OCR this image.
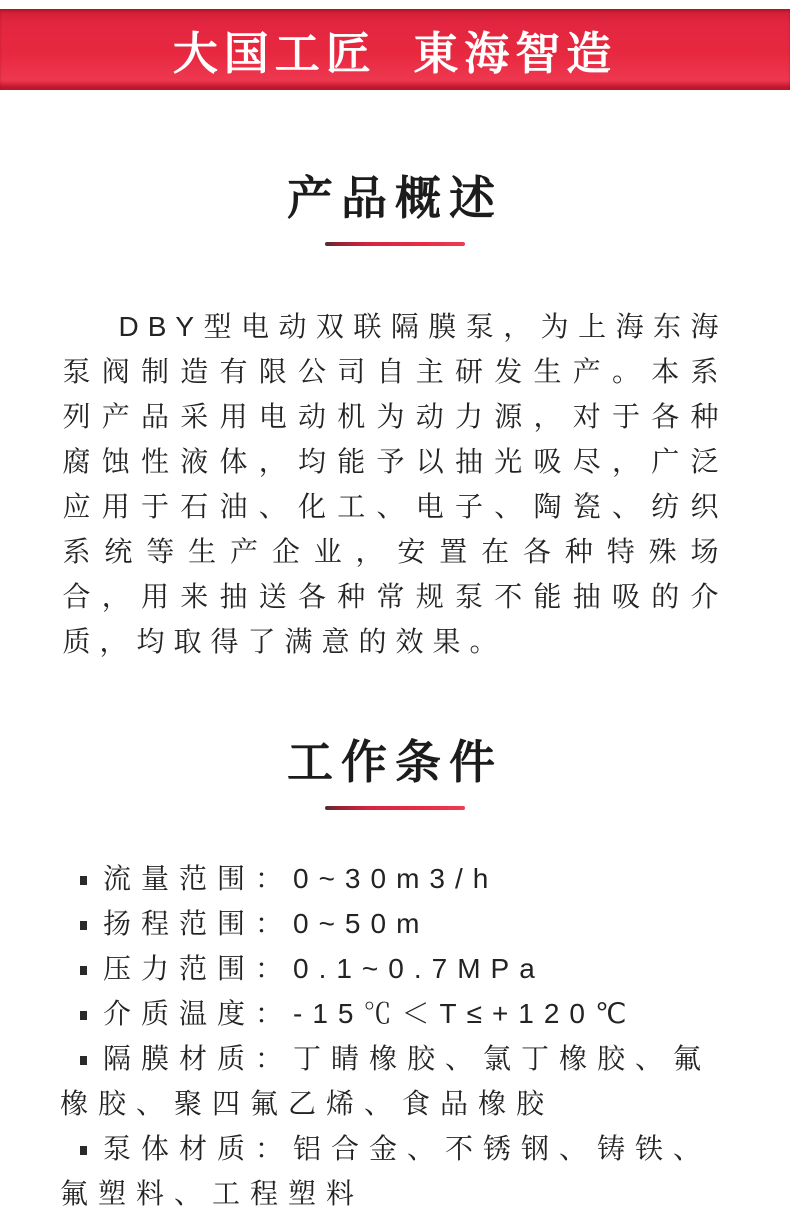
大国工匠 東海智造
产品概述

DBY型电动双联隔膜泵，为上海东海泵阀制造有限公司自主研发生产。本系列产品采用电动机为动力源，对于各种腐蚀性液体，均能予以抽光吸尽，广泛应用于石油、化工、电子、陶瓷、纺织系统等生产企业，安置在各种特殊场合，用来抽送各种常规泵不能抽吸的介质，均取得了满意的效果。

工作条件
流量范围：0~30m3/h
扬程范围：0~50m
压力范围：0.1~0.7MPa
介质温度：-15℃＜T≤+120℃
隔膜材质：丁睛橡胶、氯丁橡胶、氟橡胶、聚四氟乙烯、食品橡胶
泵体材质：铝合金、不锈钢、铸铁、氟塑料、工程塑料
